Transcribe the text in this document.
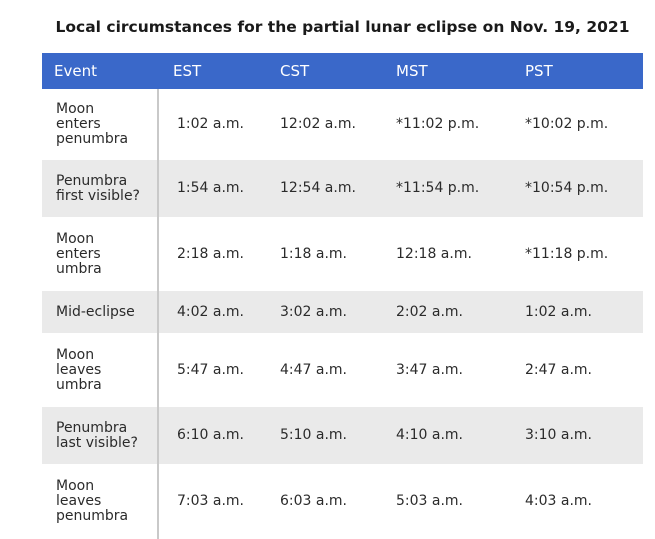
Local circumstances for the partial lunar eclipse on Nov. 19, 2021
Event	EST	CST	MST	PST
Moon
enters
penumbra	1:02 a.m.	12:02 a.m.	*11:02 p.m.	*10:02 p.m.
Penumbra
first visible?	1:54 a.m.	12:54 a.m.	*11:54 p.m.	*10:54 p.m.
Moon
enters
umbra	2:18 a.m.	1:18 a.m.	12:18 a.m.	*11:18 p.m.
Mid-eclipse	4:02 a.m.	3:02 a.m.	2:02 a.m.	1:02 a.m.
Moon
leaves
umbra	5:47 a.m.	4:47 a.m.	3:47 a.m.	2:47 a.m.
Penumbra
last visible?	6:10 a.m.	5:10 a.m.	4:10 a.m.	3:10 a.m.
Moon
leaves
penumbra	7:03 a.m.	6:03 a.m.	5:03 a.m.	4:03 a.m.
